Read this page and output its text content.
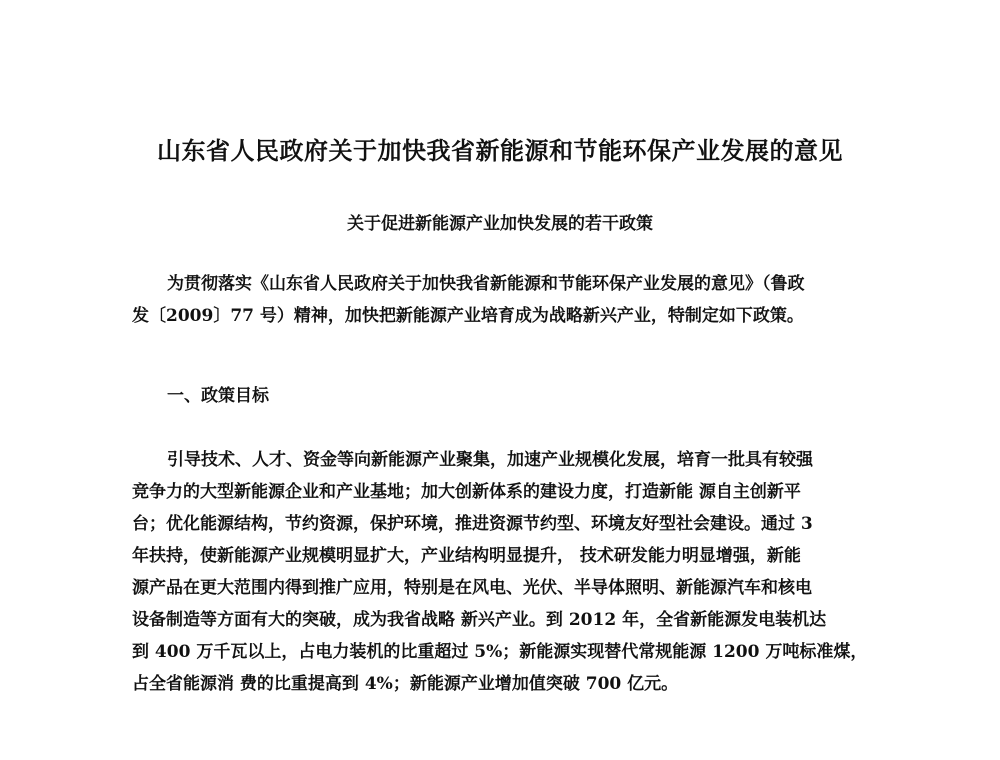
山东省人民政府关于加快我省新能源和节能环保产业发展的意见
关于促进新能源产业加快发展的若干政策
为贯彻落实《山东省人民政府关于加快我省新能源和节能环保产业发展的意见》（鲁政
发〔2009〕77 号）精神，加快把新能源产业培育成为战略新兴产业，特制定如下政策。
一、政策目标
引导技术、人才、资金等向新能源产业聚集，加速产业规模化发展，培育一批具有较强
竞争力的大型新能源企业和产业基地；加大创新体系的建设力度，打造新能 源自主创新平
台；优化能源结构，节约资源，保护环境，推进资源节约型、环境友好型社会建设。通过 3
年扶持，使新能源产业规模明显扩大，产业结构明显提升， 技术研发能力明显增强，新能
源产品在更大范围内得到推广应用，特别是在风电、光伏、半导体照明、新能源汽车和核电
设备制造等方面有大的突破，成为我省战略 新兴产业。到 2012 年，全省新能源发电装机达
到 400 万千瓦以上，占电力装机的比重超过 5%；新能源实现替代常规能源 1200 万吨标准煤，
占全省能源消 费的比重提高到 4%；新能源产业增加值突破 700 亿元。
